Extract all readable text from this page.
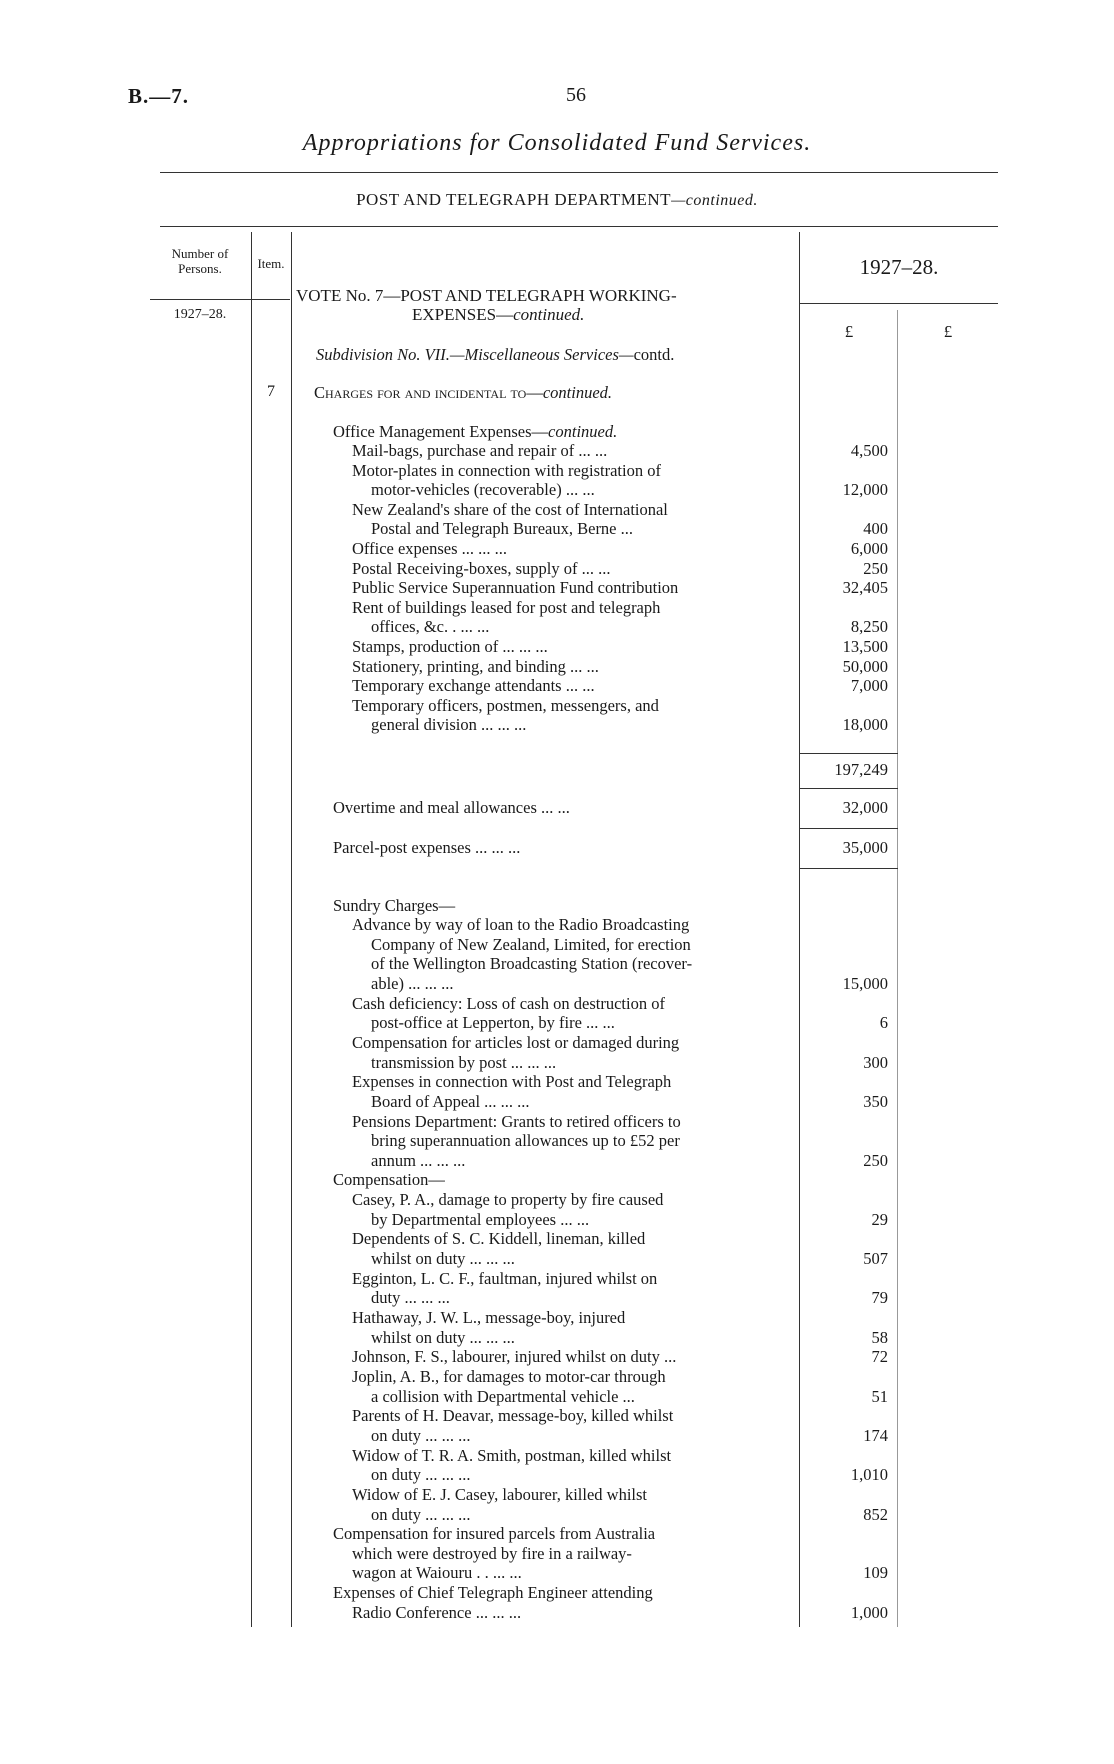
B.—7.	56
Appropriations for Consolidated Fund Services.
POST AND TELEGRAPH DEPARTMENT—continued.
Number of Persons.
1927–28.
Item.	1927–28.
£	£
VOTE No. 7—POST AND TELEGRAPH WORKING-
EXPENSES—continued.
Subdivision No. VII.—Miscellaneous Services—contd.
7	Charges for and incidental to—continued.
Office Management Expenses—continued.
Mail-bags, purchase and repair of ... ...	4,500
Motor-plates in connection with registration of
motor-vehicles (recoverable) ... ...	12,000
New Zealand's share of the cost of International
Postal and Telegraph Bureaux, Berne ...	400
Office expenses ... ... ...	6,000
Postal Receiving-boxes, supply of ... ...	250
Public Service Superannuation Fund contribution	32,405
Rent of buildings leased for post and telegraph
offices, &c. . ... ...	8,250
Stamps, production of ... ... ...	13,500
Stationery, printing, and binding ... ...	50,000
Temporary exchange attendants ... ...	7,000
Temporary officers, postmen, messengers, and
general division ... ... ...	18,000
197,249
Overtime and meal allowances ... ...	32,000
Parcel-post expenses ... ... ...	35,000
Sundry Charges—
Advance by way of loan to the Radio Broadcasting
Company of New Zealand, Limited, for erection
of the Wellington Broadcasting Station (recover-
able) ... ... ...	15,000
Cash deficiency: Loss of cash on destruction of
post-office at Lepperton, by fire ... ...	6
Compensation for articles lost or damaged during
transmission by post ... ... ...	300
Expenses in connection with Post and Telegraph
Board of Appeal ... ... ...	350
Pensions Department: Grants to retired officers to
bring superannuation allowances up to £52 per
annum ... ... ...	250
Compensation—
Casey, P. A., damage to property by fire caused
by Departmental employees ... ...	29
Dependents of S. C. Kiddell, lineman, killed
whilst on duty ... ... ...	507
Egginton, L. C. F., faultman, injured whilst on
duty ... ... ...	79
Hathaway, J. W. L., message-boy, injured
whilst on duty ... ... ...	58
Johnson, F. S., labourer, injured whilst on duty ...	72
Joplin, A. B., for damages to motor-car through
a collision with Departmental vehicle ...	51
Parents of H. Deavar, message-boy, killed whilst
on duty ... ... ...	174
Widow of T. R. A. Smith, postman, killed whilst
on duty ... ... ...	1,010
Widow of E. J. Casey, labourer, killed whilst
on duty ... ... ...	852
Compensation for insured parcels from Australia
which were destroyed by fire in a railway-
wagon at Waiouru . . ... ...	109
Expenses of Chief Telegraph Engineer attending
Radio Conference ... ... ...	1,000
